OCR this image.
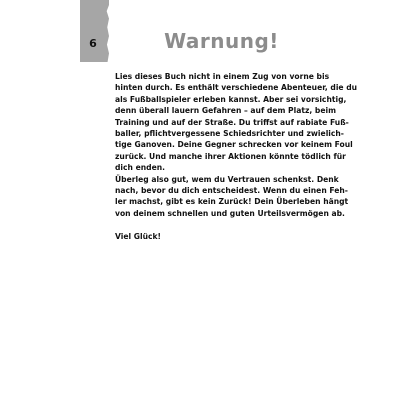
6	Warnung!
Lies dieses Buch nicht in einem Zug von vorne bis
hinten durch. Es enthält verschiedene Abenteuer, die du
als Fußballspieler erleben kannst. Aber sei vorsichtig,
denn überall lauern Gefahren – auf dem Platz, beim
Training und auf der Straße. Du triffst auf rabiate Fuß-
baller, pflichtvergessene Schiedsrichter und zwielich-
tige Ganoven. Deine Gegner schrecken vor keinem Foul
zurück. Und manche ihrer Aktionen könnte tödlich für
dich enden.
Überleg also gut, wem du Vertrauen schenkst. Denk
nach, bevor du dich entscheidest. Wenn du einen Feh-
ler machst, gibt es kein Zurück! Dein Überleben hängt
von deinem schnellen und guten Urteilsvermögen ab.
Viel Glück!
